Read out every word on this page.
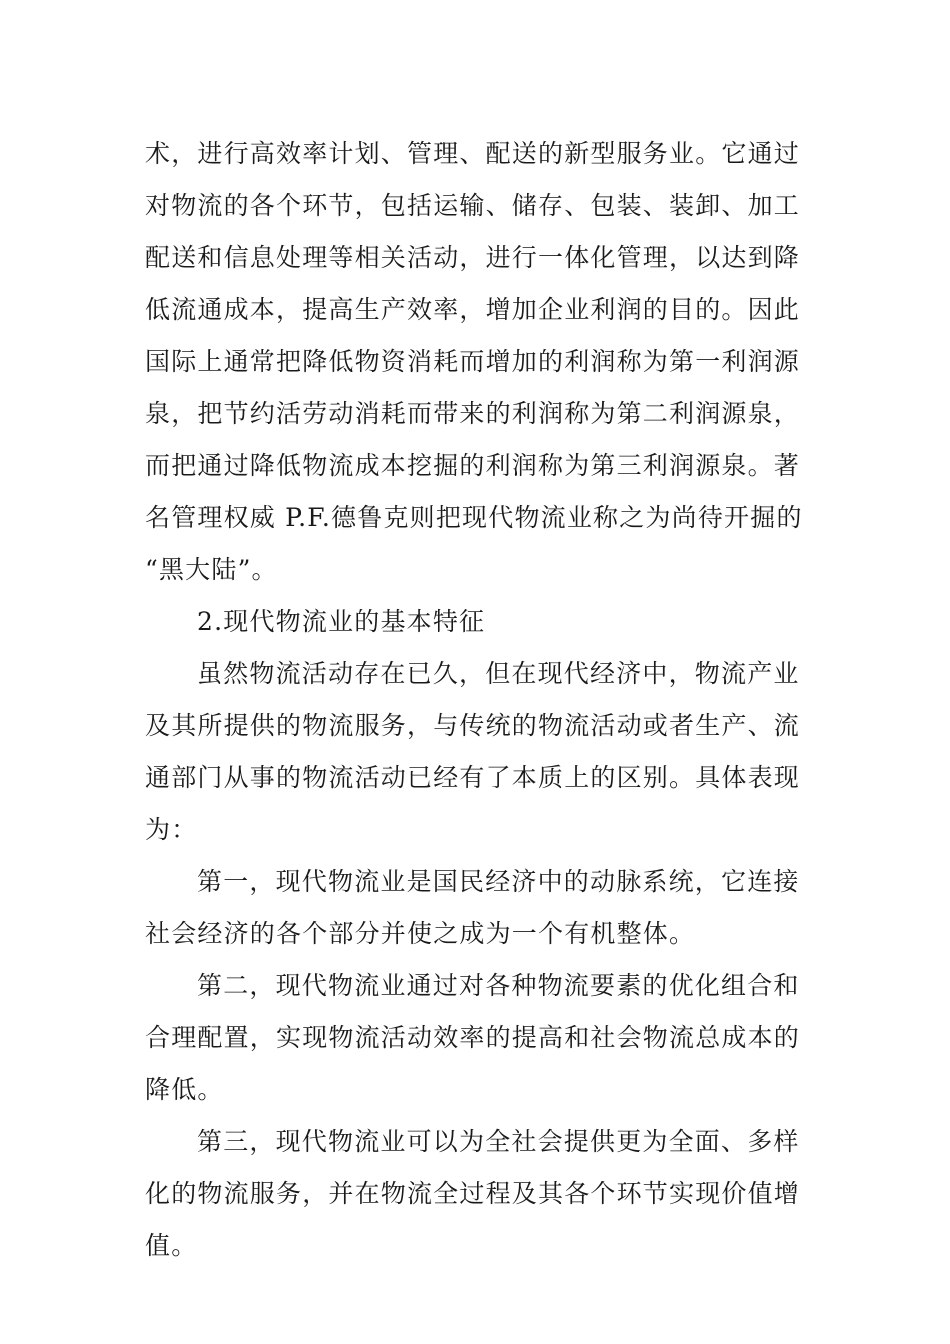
术，进行高效率计划、管理、配送的新型服务业。它通过
对物流的各个环节，包括运输、储存、包装、装卸、加工
配送和信息处理等相关活动，进行一体化管理，以达到降
低流通成本，提高生产效率，增加企业利润的目的。因此
国际上通常把降低物资消耗而增加的利润称为第一利润源
泉，把节约活劳动消耗而带来的利润称为第二利润源泉，
而把通过降低物流成本挖掘的利润称为第三利润源泉。著
名管理权威 P.F.德鲁克则把现代物流业称之为尚待开掘的
“黑大陆”。
2.现代物流业的基本特征
虽然物流活动存在已久，但在现代经济中，物流产业
及其所提供的物流服务，与传统的物流活动或者生产、流
通部门从事的物流活动已经有了本质上的区别。具体表现
为：
第一，现代物流业是国民经济中的动脉系统，它连接
社会经济的各个部分并使之成为一个有机整体。
第二，现代物流业通过对各种物流要素的优化组合和
合理配置，实现物流活动效率的提高和社会物流总成本的
降低。
第三，现代物流业可以为全社会提供更为全面、多样
化的物流服务，并在物流全过程及其各个环节实现价值增
值。
